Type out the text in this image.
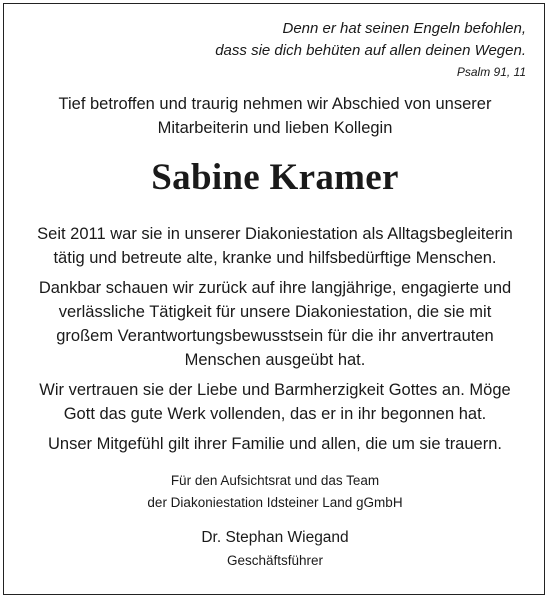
Denn er hat seinen Engeln befohlen,
dass sie dich behüten auf allen deinen Wegen.
Psalm 91, 11
Tief betroffen und traurig nehmen wir Abschied von unserer
Mitarbeiterin und lieben Kollegin
Sabine Kramer
Seit 2011 war sie in unserer Diakoniestation als Alltagsbegleiterin
tätig und betreute alte, kranke und hilfsbedürftige Menschen.
Dankbar schauen wir zurück auf ihre langjährige, engagierte und
verlässliche Tätigkeit für unsere Diakoniestation, die sie mit
großem Verantwortungsbewusstsein für die ihr anvertrauten
Menschen ausgeübt hat.
Wir vertrauen sie der Liebe und Barmherzigkeit Gottes an. Möge
Gott das gute Werk vollenden, das er in ihr begonnen hat.
Unser Mitgefühl gilt ihrer Familie und allen, die um sie trauern.
Für den Aufsichtsrat und das Team
der Diakoniestation Idsteiner Land gGmbH
Dr. Stephan Wiegand
Geschäftsführer
